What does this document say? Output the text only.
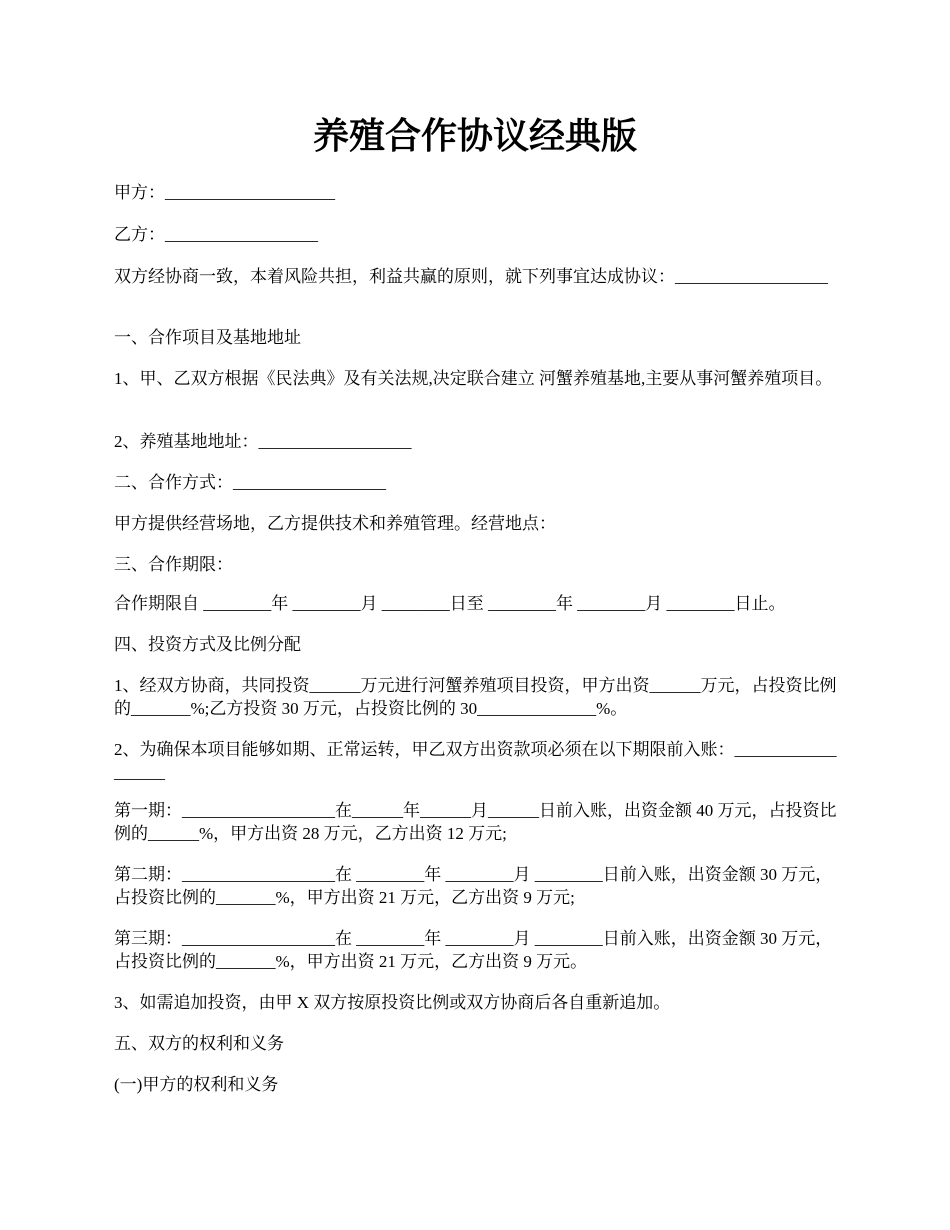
养殖合作协议经典版

甲方：____________________

乙方：__________________

双方经协商一致，本着风险共担，利益共赢的原则，就下列事宜达成协议：__________________

一、合作项目及基地地址

1、甲、乙双方根据《民法典》及有关法规,决定联合建立 河蟹养殖基地,主要从事河蟹养殖项目。

2、养殖基地地址：__________________

二、合作方式：__________________

甲方提供经营场地，乙方提供技术和养殖管理。经营地点：

三、合作期限：

合作期限自 ________年 ________月 ________日至 ________年 ________月 ________日止。

四、投资方式及比例分配

1、经双方协商，共同投资______万元进行河蟹养殖项目投资，甲方出资______万元，占投资比例的_______%;乙方投资 30 万元，占投资比例的 30______________%。

2、为确保本项目能够如期、正常运转，甲乙双方出资款项必须在以下期限前入账：__________________

第一期：__________________在______年______月______日前入账，出资金额 40 万元，占投资比例的______%，甲方出资 28 万元，乙方出资 12 万元;

第二期：__________________在 ________年 ________月 ________日前入账，出资金额 30 万元，占投资比例的_______%，甲方出资 21 万元，乙方出资 9 万元;

第三期：__________________在 ________年 ________月 ________日前入账，出资金额 30 万元，占投资比例的_______%，甲方出资 21 万元，乙方出资 9 万元。

3、如需追加投资，由甲 X 双方按原投资比例或双方协商后各自重新追加。

五、双方的权利和义务

(一)甲方的权利和义务
